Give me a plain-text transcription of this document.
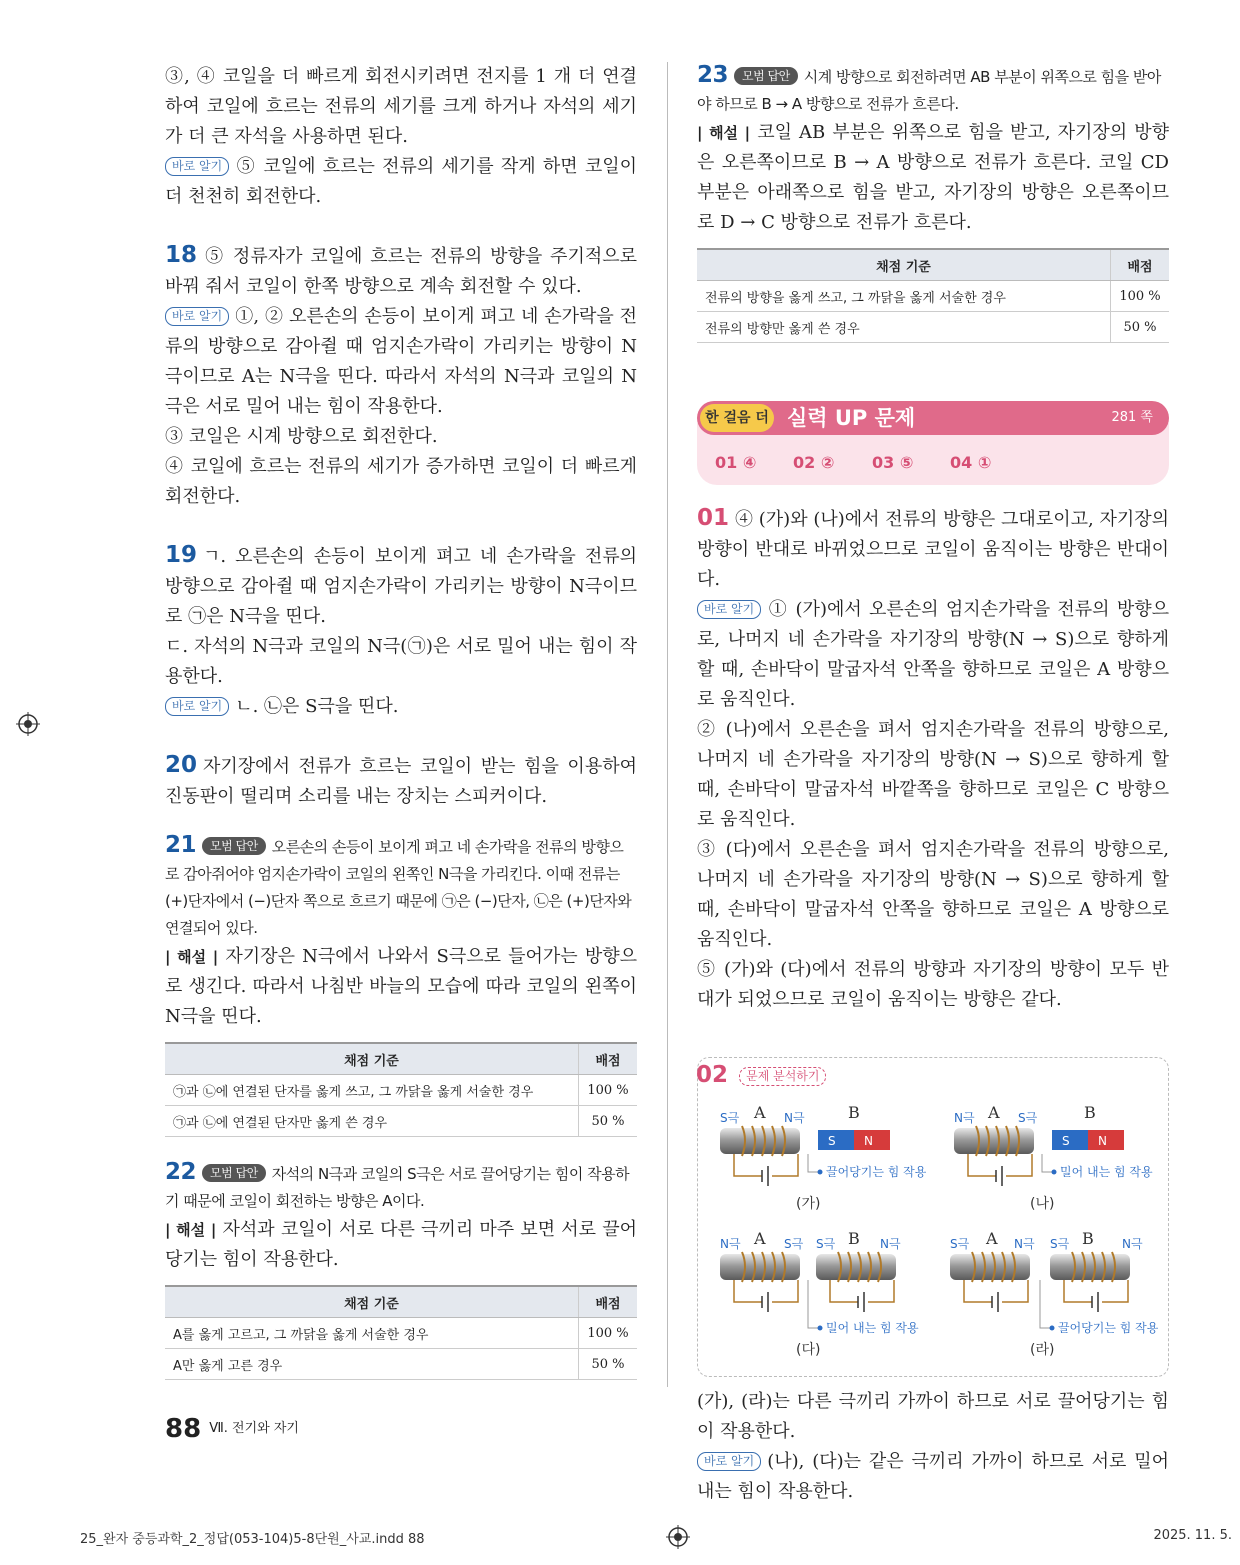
③, ④ 코일을 더 빠르게 회전시키려면 전지를 1 개 더 연결하여 코일에 흐르는 전류의 세기를 크게 하거나 자석의 세기가 더 큰 자석을 사용하면 된다.

바로 알기 ⑤ 코일에 흐르는 전류의 세기를 작게 하면 코일이 더 천천히 회전한다.

18 ⑤ 정류자가 코일에 흐르는 전류의 방향을 주기적으로 바꿔 줘서 코일이 한쪽 방향으로 계속 회전할 수 있다.

바로 알기 ①, ② 오른손의 손등이 보이게 펴고 네 손가락을 전류의 방향으로 감아쥘 때 엄지손가락이 가리키는 방향이 N극이므로 A는 N극을 띤다. 따라서 자석의 N극과 코일의 N극은 서로 밀어 내는 힘이 작용한다.

③ 코일은 시계 방향으로 회전한다.

④ 코일에 흐르는 전류의 세기가 증가하면 코일이 더 빠르게 회전한다.

19 ㄱ. 오른손의 손등이 보이게 펴고 네 손가락을 전류의 방향으로 감아쥘 때 엄지손가락이 가리키는 방향이 N극이므로 ㉠은 N극을 띤다.

ㄷ. 자석의 N극과 코일의 N극(㉠)은 서로 밀어 내는 힘이 작용한다.

바로 알기 ㄴ. ㉡은 S극을 띤다.

20 자기장에서 전류가 흐르는 코일이 받는 힘을 이용하여 진동판이 떨리며 소리를 내는 장치는 스피커이다.

21 모범 답안 오른손의 손등이 보이게 펴고 네 손가락을 전류의 방향으로 감아쥐어야 엄지손가락이 코일의 왼쪽인 N극을 가리킨다. 이때 전류는 (+)단자에서 (−)단자 쪽으로 흐르기 때문에 ㉠은 (−)단자, ㉡은 (+)단자와 연결되어 있다.

| 해설 | 자기장은 N극에서 나와서 S극으로 들어가는 방향으로 생긴다. 따라서 나침반 바늘의 모습에 따라 코일의 왼쪽이 N극을 띤다.

채점 기준	배점
㉠과 ㉡에 연결된 단자를 옳게 쓰고, 그 까닭을 옳게 서술한 경우	100 %
㉠과 ㉡에 연결된 단자만 옳게 쓴 경우	50 %

22 모범 답안 자석의 N극과 코일의 S극은 서로 끌어당기는 힘이 작용하기 때문에 코일이 회전하는 방향은 A이다.

| 해설 | 자석과 코일이 서로 다른 극끼리 마주 보면 서로 끌어당기는 힘이 작용한다.

채점 기준	배점
A를 옳게 고르고, 그 까닭을 옳게 서술한 경우	100 %
A만 옳게 고른 경우	50 %

23 모범 답안 시계 방향으로 회전하려면 AB 부분이 위쪽으로 힘을 받아야 하므로 B → A 방향으로 전류가 흐른다.

| 해설 | 코일 AB 부분은 위쪽으로 힘을 받고, 자기장의 방향은 오른쪽이므로 B → A 방향으로 전류가 흐른다. 코일 CD 부분은 아래쪽으로 힘을 받고, 자기장의 방향은 오른쪽이므로 D → C 방향으로 전류가 흐른다.

채점 기준	배점
전류의 방향을 옳게 쓰고, 그 까닭을 옳게 서술한 경우	100 %
전류의 방향만 옳게 쓴 경우	50 %
한 걸음 더 실력 UP 문제	281 쪽
01 ④ 02 ② 03 ⑤ 04 ①

01 ④ (가)와 (나)에서 전류의 방향은 그대로이고, 자기장의 방향이 반대로 바뀌었으므로 코일이 움직이는 방향은 반대이다.

바로 알기 ① (가)에서 오른손의 엄지손가락을 전류의 방향으로, 나머지 네 손가락을 자기장의 방향(N → S)으로 향하게 할 때, 손바닥이 말굽자석 안쪽을 향하므로 코일은 A 방향으로 움직인다.

② (나)에서 오른손을 펴서 엄지손가락을 전류의 방향으로, 나머지 네 손가락을 자기장의 방향(N → S)으로 향하게 할 때, 손바닥이 말굽자석 바깥쪽을 향하므로 코일은 C 방향으로 움직인다.

③ (다)에서 오른손을 펴서 엄지손가락을 전류의 방향으로, 나머지 네 손가락을 자기장의 방향(N → S)으로 향하게 할 때, 손바닥이 말굽자석 안쪽을 향하므로 코일은 A 방향으로 움직인다.

⑤ (가)와 (다)에서 전류의 방향과 자기장의 방향이 모두 반대가 되었으므로 코일이 움직이는 방향은 같다.

02 문제 분석하기
S N
S극	N극
A	B
끌어당기는 힘 작용
(가)
S N
N극	S극
A	B
밀어 내는 힘 작용
(나)
N극	S극 S극	N극
A	B
밀어 내는 힘 작용
(다)
S극	N극 S극	N극
A	B
끌어당기는 힘 작용
(라)

(가), (라)는 다른 극끼리 가까이 하므로 서로 끌어당기는 힘이 작용한다.

바로 알기 (나), (다)는 같은 극끼리 가까이 하므로 서로 밀어 내는 힘이 작용한다.

88 $^{Ⅶ. 전기와 자기}$
25_완자 중등과학_2_정답(053-104)5-8단원_사교.indd 88	2025. 11. 5.
